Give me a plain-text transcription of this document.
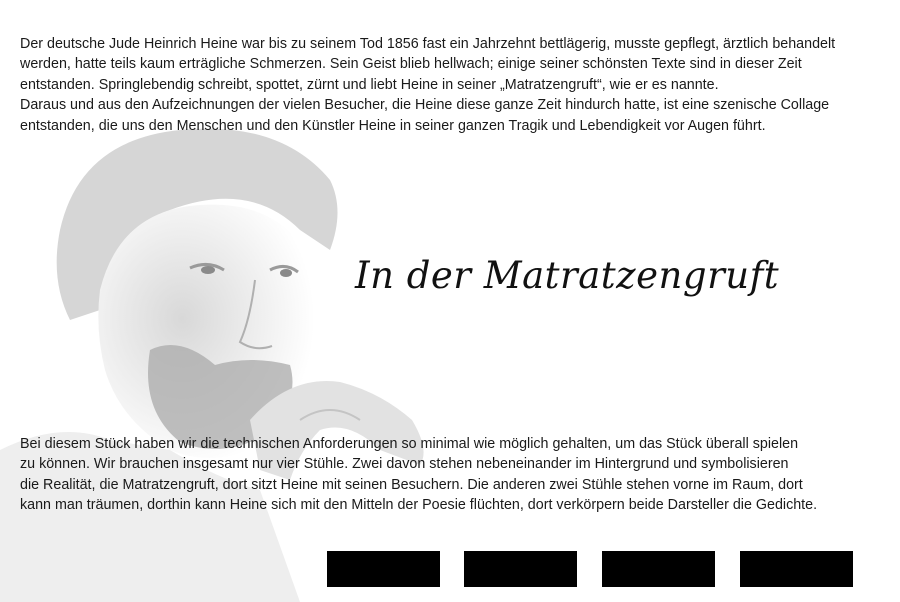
Der deutsche Jude Heinrich Heine war bis zu seinem Tod 1856 fast ein Jahrzehnt bettlägerig, musste gepflegt, ärztlich behandelt
werden, hatte teils kaum erträgliche Schmerzen. Sein Geist blieb hellwach; einige seiner schönsten Texte sind in dieser Zeit
entstanden. Springlebendig schreibt, spottet, zürnt und liebt Heine in seiner „Matratzengruft“, wie er es nannte.
Daraus und aus den Aufzeichnungen der vielen Besucher, die Heine diese ganze Zeit hindurch hatte, ist eine szenische Collage
entstanden, die uns den Menschen und den Künstler Heine in seiner ganzen Tragik und Lebendigkeit vor Augen führt.
In der Matratzengruft
Bei diesem Stück haben wir die technischen Anforderungen so minimal wie möglich gehalten, um das Stück überall spielen
zu können. Wir brauchen insgesamt nur vier Stühle. Zwei davon stehen nebeneinander im Hintergrund und symbolisieren
die Realität, die Matratzengruft, dort sitzt Heine mit seinen Besuchern. Die anderen zwei Stühle stehen vorne im Raum, dort
kann man träumen, dorthin kann Heine sich mit den Mitteln der Poesie flüchten, dort verkörpern beide Darsteller die Gedichte.
